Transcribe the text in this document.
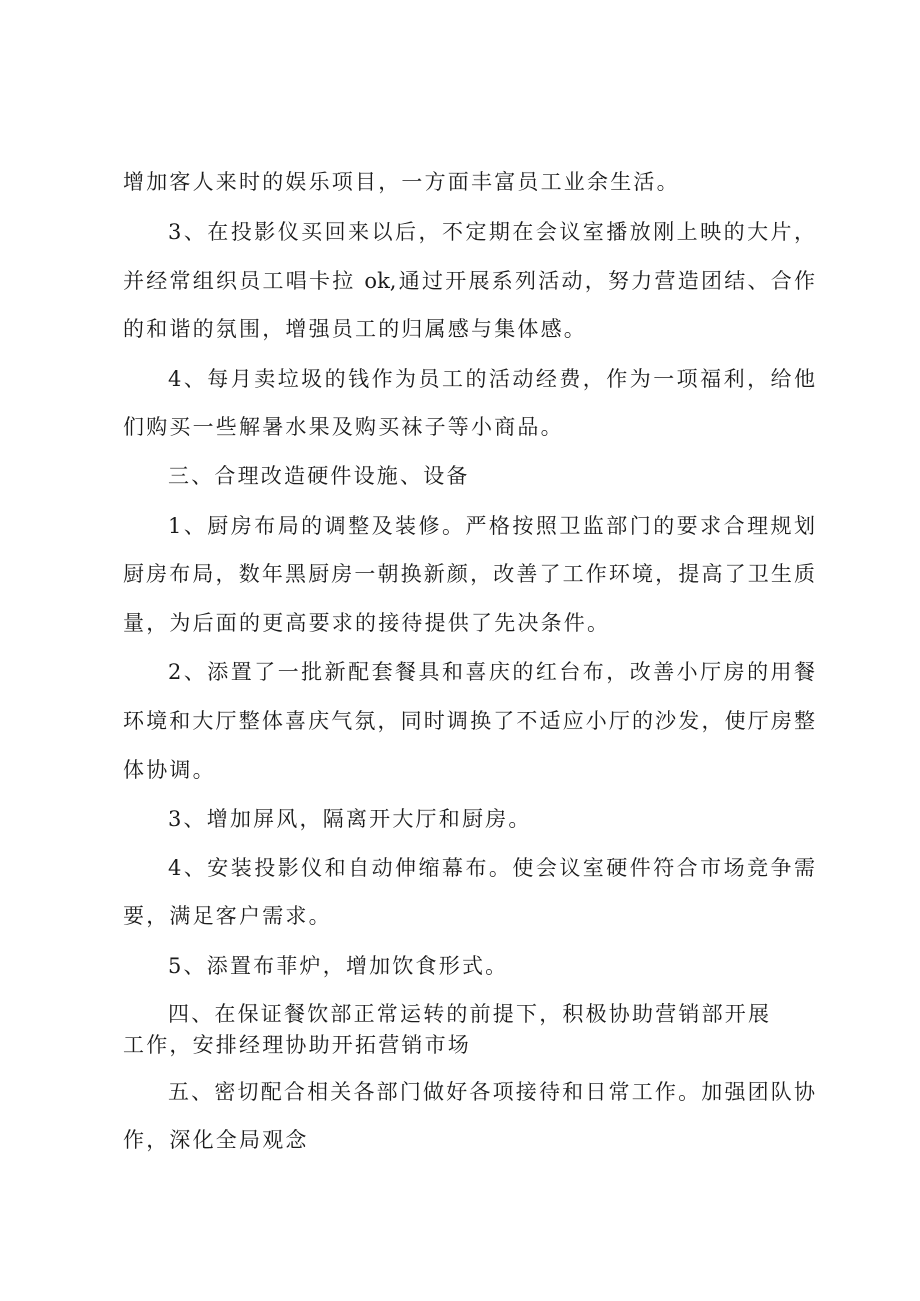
增加客人来时的娱乐项目，一方面丰富员工业余生活。
3、在投影仪买回来以后，不定期在会议室播放刚上映的大片，
并经常组织员工唱卡拉 ok,通过开展系列活动，努力营造团结、合作
的和谐的氛围，增强员工的归属感与集体感。
4、每月卖垃圾的钱作为员工的活动经费，作为一项福利，给他
们购买一些解暑水果及购买袜子等小商品。
三、合理改造硬件设施、设备
1、厨房布局的调整及装修。严格按照卫监部门的要求合理规划
厨房布局，数年黑厨房一朝换新颜，改善了工作环境，提高了卫生质
量，为后面的更高要求的接待提供了先决条件。
2、添置了一批新配套餐具和喜庆的红台布，改善小厅房的用餐
环境和大厅整体喜庆气氛，同时调换了不适应小厅的沙发，使厅房整
体协调。
3、增加屏风，隔离开大厅和厨房。
4、安装投影仪和自动伸缩幕布。使会议室硬件符合市场竞争需
要，满足客户需求。
5、添置布菲炉，增加饮食形式。
四、在保证餐饮部正常运转的前提下，积极协助营销部开展
工作，安排经理协助开拓营销市场
五、密切配合相关各部门做好各项接待和日常工作。加强团队协
作，深化全局观念
